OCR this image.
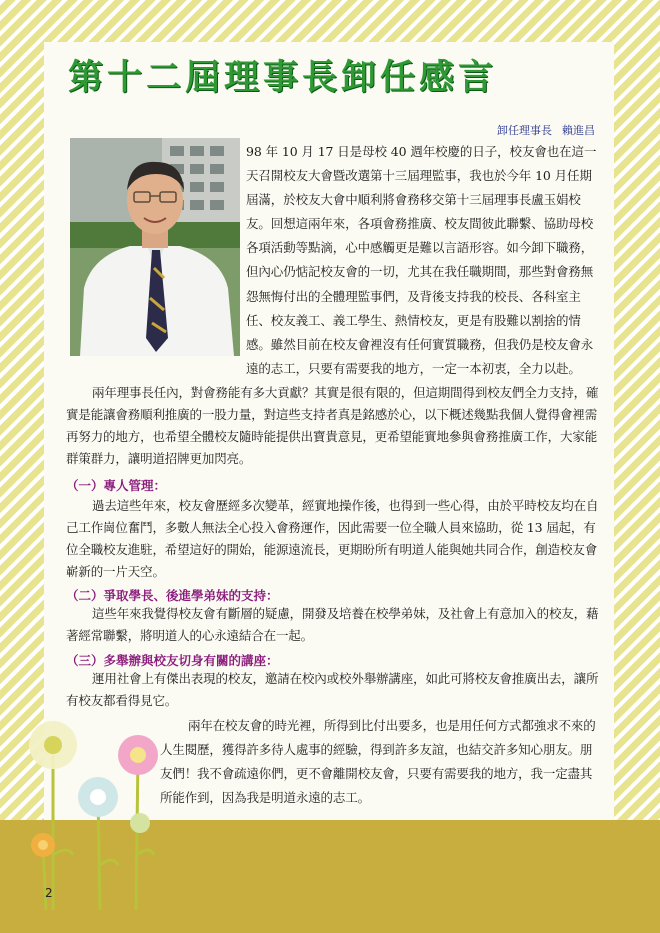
第十二屆理事長卸任感言
卸任理事長 賴進昌
98 年 10 月 17 日是母校 40 週年校慶的日子，校友會也在這一天召開校友大會暨改選第十三屆理監事，我也於今年 10 月任期屆滿，於校友大會中順利將會務移交第十三屆理事長盧玉娟校友。回想這兩年來，各項會務推廣、校友間彼此聯繫、協助母校各項活動等點滴，心中感觸更是難以言語形容。如今卸下職務，但內心仍惦記校友會的一切，尤其在我任職期間，那些對會務無怨無悔付出的全體理監事們，及背後支持我的校長、各科室主任、校友義工、義工學生、熱情校友，更是有股難以割捨的情感。雖然目前在校友會裡沒有任何實質職務，但我仍是校友會永遠的志工，只要有需要我的地方，一定一本初衷，全力以赴。
兩年理事長任內，對會務能有多大貢獻？其實是很有限的，但這期間得到校友們全力支持，確實是能讓會務順利推廣的一股力量，對這些支持者真是銘感於心，以下概述幾點我個人覺得會裡需再努力的地方，也希望全體校友隨時能提供出寶貴意見，更希望能實地參與會務推廣工作，大家能群策群力，讓明道招牌更加閃亮。
（一）專人管理：
過去這些年來，校友會歷經多次變革，經實地操作後，也得到一些心得，由於平時校友均在自己工作崗位奮鬥，多數人無法全心投入會務運作，因此需要一位全職人員來協助，從 13 屆起，有位全職校友進駐，希望這好的開始，能源遠流長，更期盼所有明道人能與她共同合作，創造校友會嶄新的一片天空。
（二）爭取學長、後進學弟妹的支持：
這些年來我覺得校友會有斷層的疑慮，開發及培養在校學弟妹，及社會上有意加入的校友，藉著經常聯繫，將明道人的心永遠結合在一起。
（三）多舉辦與校友切身有關的講座：
運用社會上有傑出表現的校友，邀請在校內或校外舉辦講座，如此可將校友會推廣出去，讓所有校友都看得見它。
兩年在校友會的時光裡，所得到比付出要多，也是用任何方式都強求不來的人生閱歷，獲得許多待人處事的經驗，得到許多友誼，也結交許多知心朋友。朋友們！我不會疏遠你們，更不會離開校友會，只要有需要我的地方，我一定盡其所能作到，因為我是明道永遠的志工。
2
